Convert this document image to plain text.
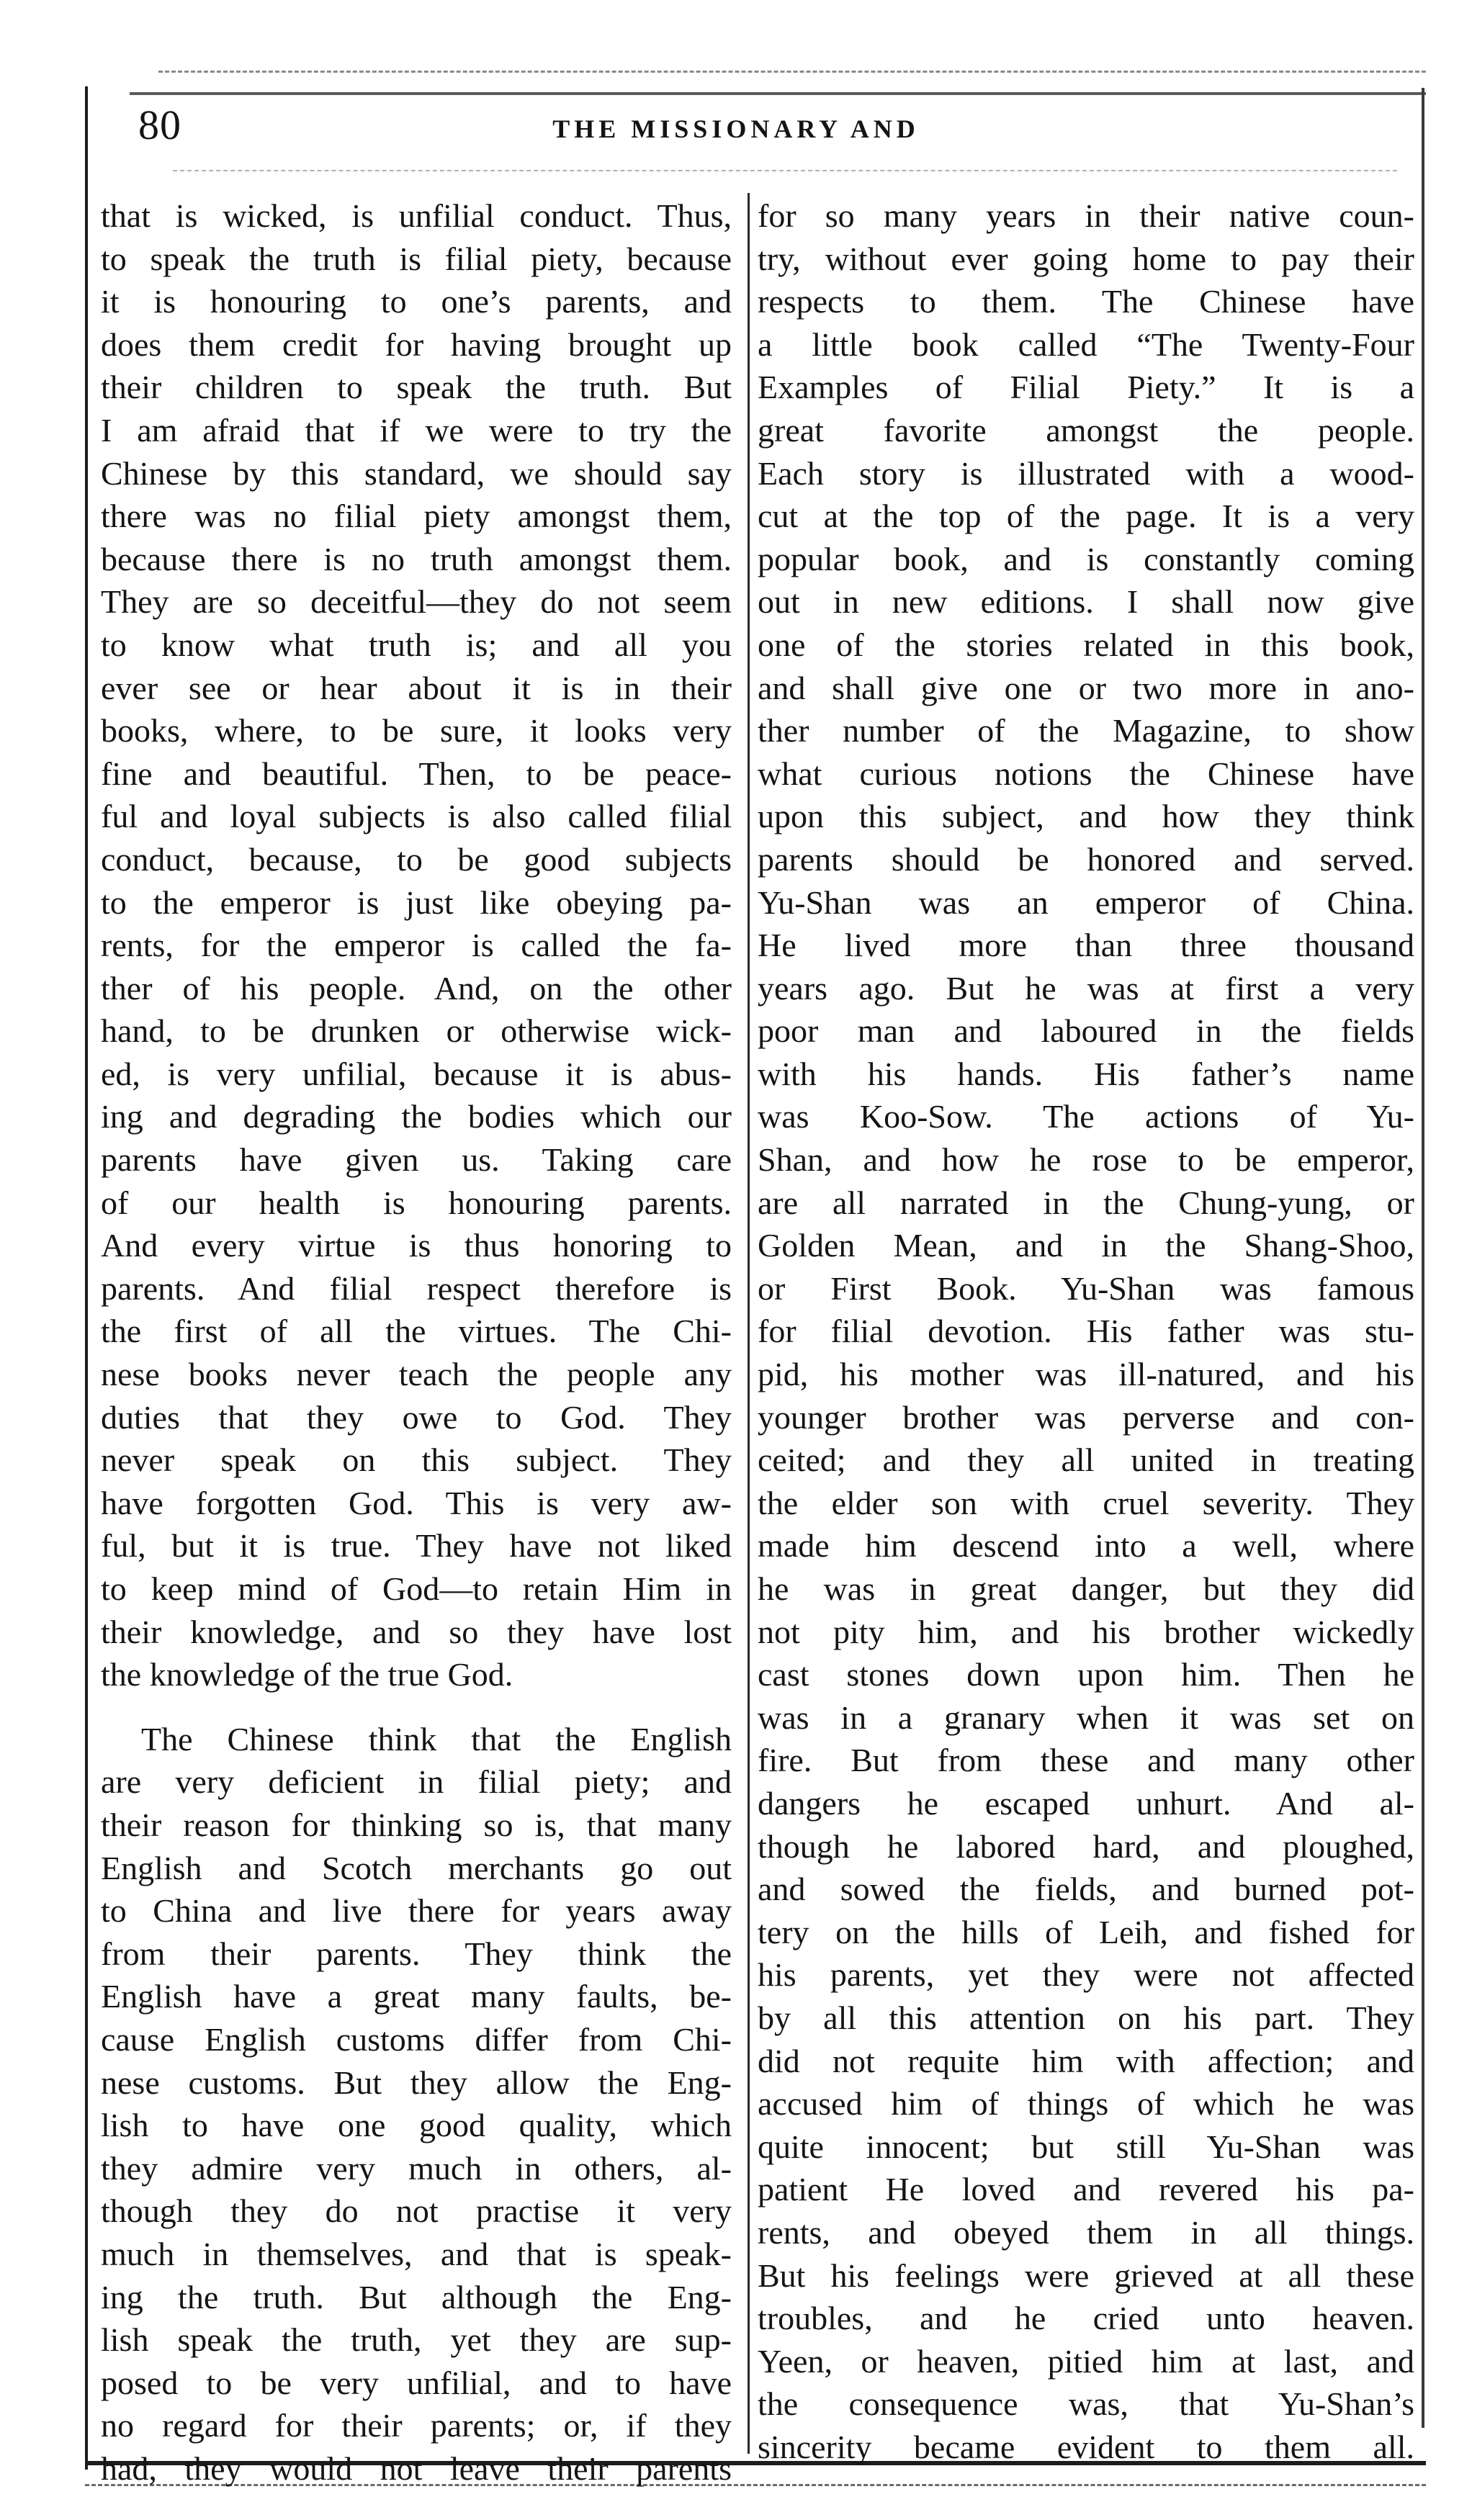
80	THE MISSIONARY AND
that is wicked, is unfilial conduct. Thus,
to speak the truth is filial piety, because
it is honouring to one’s parents, and
does them credit for having brought up
their children to speak the truth. But
I am afraid that if we were to try the
Chinese by this standard, we should say
there was no filial piety amongst them,
because there is no truth amongst them.
They are so deceitful—they do not seem
to know what truth is; and all you
ever see or hear about it is in their
books, where, to be sure, it looks very
fine and beautiful. Then, to be peace-
ful and loyal subjects is also called filial
conduct, because, to be good subjects
to the emperor is just like obeying pa-
rents, for the emperor is called the fa-
ther of his people. And, on the other
hand, to be drunken or otherwise wick-
ed, is very unfilial, because it is abus-
ing and degrading the bodies which our
parents have given us. Taking care
of our health is honouring parents.
And every virtue is thus honoring to
parents. And filial respect therefore is
the first of all the virtues. The Chi-
nese books never teach the people any
duties that they owe to God. They
never speak on this subject. They
have forgotten God. This is very aw-
ful, but it is true. They have not liked
to keep mind of God—to retain Him in
their knowledge, and so they have lost
the knowledge of the true God.
The Chinese think that the English
are very deficient in filial piety; and
their reason for thinking so is, that many
English and Scotch merchants go out
to China and live there for years away
from their parents. They think the
English have a great many faults, be-
cause English customs differ from Chi-
nese customs. But they allow the Eng-
lish to have one good quality, which
they admire very much in others, al-
though they do not practise it very
much in themselves, and that is speak-
ing the truth. But although the Eng-
lish speak the truth, yet they are sup-
posed to be very unfilial, and to have
no regard for their parents; or, if they
had, they would not leave their parents
for so many years in their native coun-
try, without ever going home to pay their
respects to them. The Chinese have
a little book called “The Twenty-Four
Examples of Filial Piety.” It is a
great favorite amongst the people.
Each story is illustrated with a wood-
cut at the top of the page. It is a very
popular book, and is constantly coming
out in new editions. I shall now give
one of the stories related in this book,
and shall give one or two more in ano-
ther number of the Magazine, to show
what curious notions the Chinese have
upon this subject, and how they think
parents should be honored and served.
Yu-Shan was an emperor of China.
He lived more than three thousand
years ago. But he was at first a very
poor man and laboured in the fields
with his hands. His father’s name
was Koo-Sow. The actions of Yu-
Shan, and how he rose to be emperor,
are all narrated in the Chung-yung, or
Golden Mean, and in the Shang-Shoo,
or First Book. Yu-Shan was famous
for filial devotion. His father was stu-
pid, his mother was ill-natured, and his
younger brother was perverse and con-
ceited; and they all united in treating
the elder son with cruel severity. They
made him descend into a well, where
he was in great danger, but they did
not pity him, and his brother wickedly
cast stones down upon him. Then he
was in a granary when it was set on
fire. But from these and many other
dangers he escaped unhurt. And al-
though he labored hard, and ploughed,
and sowed the fields, and burned pot-
tery on the hills of Leih, and fished for
his parents, yet they were not affected
by all this attention on his part. They
did not requite him with affection; and
accused him of things of which he was
quite innocent; but still Yu-Shan was
patient He loved and revered his pa-
rents, and obeyed them in all things.
But his feelings were grieved at all these
troubles, and he cried unto heaven.
Yeen, or heaven, pitied him at last, and
the consequence was, that Yu-Shan’s
sincerity became evident to them all.
